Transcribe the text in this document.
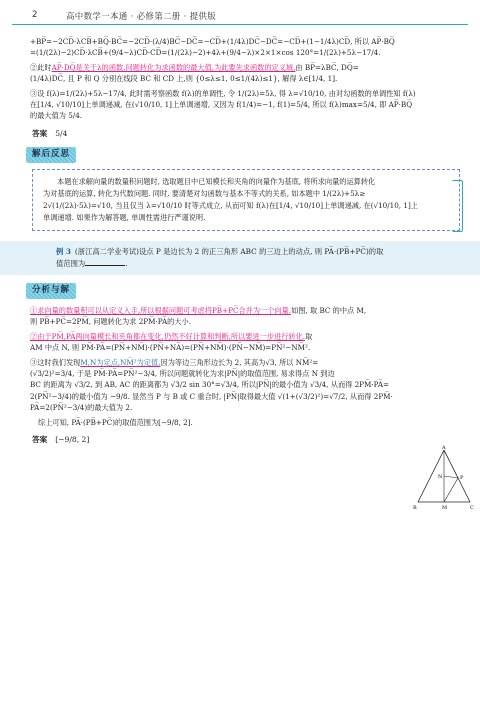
2	高中数学一本通 · 必修第二册 · 提供版

+BP̅=−2CD̅·λCB̅+BQ̅·BC̅=−2CD̅·(λ/4)BC̅−DC̅=−CD̅+(1/4λ)DC̅−DC̅=−CD̅+(1−1/4λ)CD̅, 所以 AP̅·BQ̅

=(1/(2λ)−2)CD̅·λCB̅+(9/4−λ)CD̅·CD̅=(1/(2λ)−2)+4λ+(9/4−λ)×2×1×cos 120°=1/(2λ)+5λ−17/4.

②此时AP̅·DQ̅是关于λ的函数,问题转化为求函数的最大值,为此要先求函数的定义域,由 BP̅=λBC̅, DQ̅=

(1/4λ)DC̅, 且 P 和 Q 分别在线段 BC 和 CD 上,则 {0≤λ≤1, 0≤1/(4λ)≤1}, 解得 λ∈[1/4, 1].

③设 f(λ)=1/(2λ)+5λ−17/4, 此时需考察函数 f(λ)的单调性, 令 1/(2λ)=5λ, 得 λ=√10/10, 由对勾函数的单调性知 f(λ)

在[1/4, √10/10]上单调递减, 在(√10/10, 1]上单调递增, 又因为 f(1/4)=−1, f(1)=5/4, 所以 f(λ)max=5/4, 即 AP̅·BQ̅

的最大值为 5/4.

答案 5/4
解后反思

本题在求解向量的数量积问题时, 选取题目中已知模长和夹角的向量作为基底, 将所求向量的运算转化

为对基底的运算, 转化为代数问题. 同时, 要清楚对勾函数与基本不等式的关系, 如本题中 1/(2λ)+5λ≥

2√(1/(2λ)·5λ)=√10, 当且仅当 λ=√10/10 时等式成立, 从而可知 f(λ)在[1/4, √10/10]上单调递减, 在(√10/10, 1]上

单调递增. 如果作为解答题, 单调性需进行严谨说明.

例 3 (浙江高二学业考试)设点 P 是边长为 2 的正三角形 ABC 的三边上的动点, 则 PA̅·(PB̅+PC̅)的取
值范围为	.
分析与解

①求向量的数量积可以从定义入手,所以根据问题可考虑将PB̅+PC̅合并为一个向量.如图, 取 BC 的中点 M,

则 PB̅+PC̅=2PM̅, 问题转化为求 2PM̅·PA̅的大小.

②由于PM̅,PA̅两向量模长和夹角都在变化,仍然不好计算和判断,所以要进一步进行转化.取

AM 中点 N, 则 PM̅·PA̅=(PN̅+NM̅)·(PN̅+NA̅)=(PN̅+NM̅)·(PN̅−NM̅)=PN̅²−NM̅².

③这时我们发现M,N为定点,NM̅²为定值,因为等边三角形边长为 2, 其高为√3, 所以 NM̅²=

(√3/2)²=3/4, 于是 PM̅·PA̅=PN̅²−3/4, 所以问题就转化为求|PN̅|的取值范围, 易求得点 N 到边

BC 的距离为 √3/2, 到 AB, AC 的距离都为 √3/2 sin 30°=√3/4, 所以|PN̅|的最小值为 √3/4, 从而得 2PM̅·PA̅=

2(PN̅²−3/4)的最小值为 −9/8. 显然当 P 与 B 或 C 重合时, |PN̅|取得最大值 √(1+(√3/2)²)=√7/2, 从而得 2PM̅·

PA̅=2(PN̅²−3/4)的最大值为 2.

综上可知, PA̅·(PB̅+PC̅)的取值范围为[−9/8, 2].

答案 [−9/8, 2]
A
B	C
M
N	P
